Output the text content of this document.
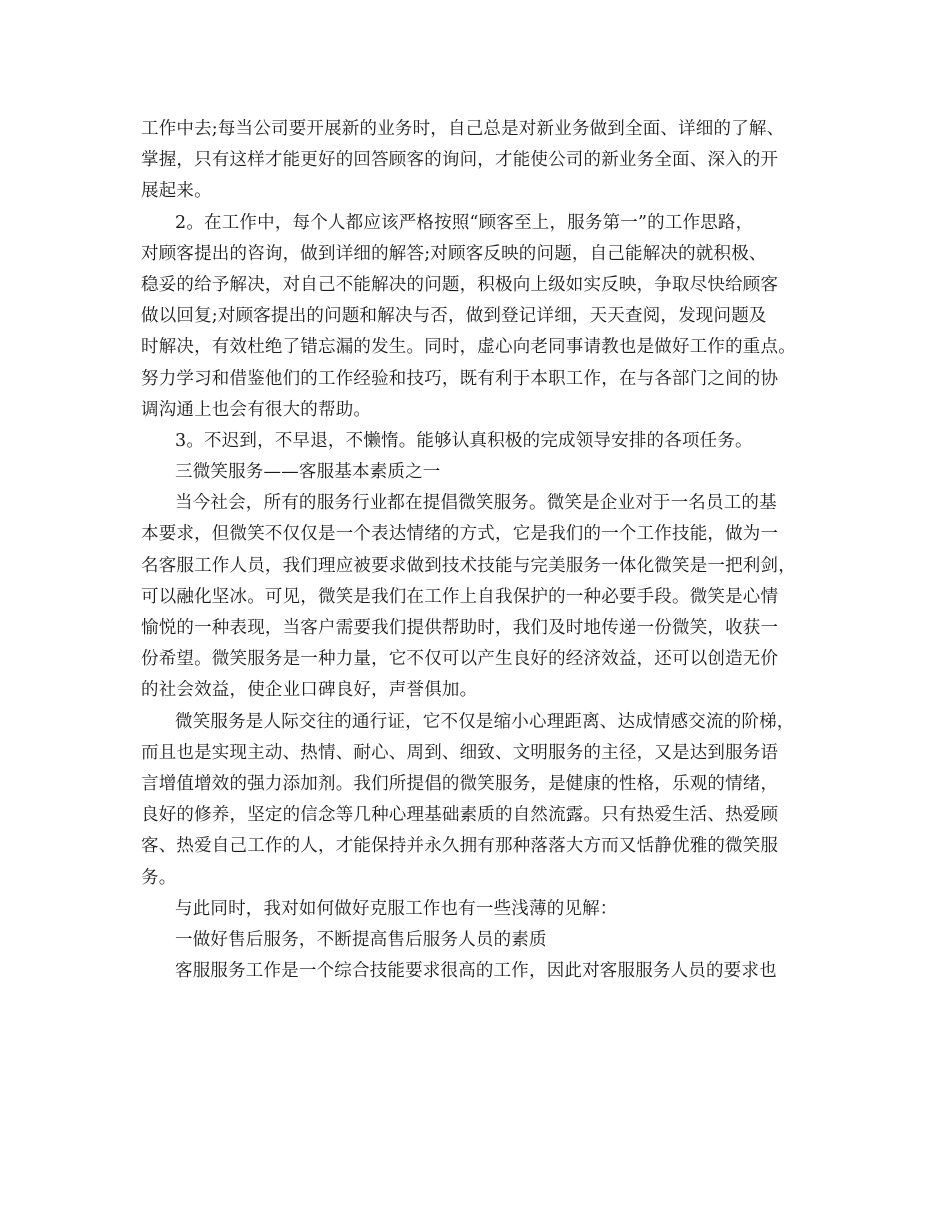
工作中去;每当公司要开展新的业务时，自己总是对新业务做到全面、详细的了解、
掌握，只有这样才能更好的回答顾客的询问，才能使公司的新业务全面、深入的开
展起来。
2。在工作中，每个人都应该严格按照“顾客至上，服务第一”的工作思路，
对顾客提出的咨询，做到详细的解答;对顾客反映的问题，自己能解决的就积极、
稳妥的给予解决，对自己不能解决的问题，积极向上级如实反映，争取尽快给顾客
做以回复;对顾客提出的问题和解决与否，做到登记详细，天天查阅，发现问题及
时解决，有效杜绝了错忘漏的发生。同时，虚心向老同事请教也是做好工作的重点。
努力学习和借鉴他们的工作经验和技巧，既有利于本职工作，在与各部门之间的协
调沟通上也会有很大的帮助。
3。不迟到，不早退，不懒惰。能够认真积极的完成领导安排的各项任务。
三微笑服务——客服基本素质之一
当今社会，所有的服务行业都在提倡微笑服务。微笑是企业对于一名员工的基
本要求，但微笑不仅仅是一个表达情绪的方式，它是我们的一个工作技能，做为一
名客服工作人员，我们理应被要求做到技术技能与完美服务一体化微笑是一把利剑，
可以融化坚冰。可见，微笑是我们在工作上自我保护的一种必要手段。微笑是心情
愉悦的一种表现，当客户需要我们提供帮助时，我们及时地传递一份微笑，收获一
份希望。微笑服务是一种力量，它不仅可以产生良好的经济效益，还可以创造无价
的社会效益，使企业口碑良好，声誉俱加。
微笑服务是人际交往的通行证，它不仅是缩小心理距离、达成情感交流的阶梯，
而且也是实现主动、热情、耐心、周到、细致、文明服务的主径，又是达到服务语
言增值增效的强力添加剂。我们所提倡的微笑服务，是健康的性格，乐观的情绪，
良好的修养，坚定的信念等几种心理基础素质的自然流露。只有热爱生活、热爱顾
客、热爱自己工作的人，才能保持并永久拥有那种落落大方而又恬静优雅的微笑服
务。
与此同时，我对如何做好克服工作也有一些浅薄的见解：
一做好售后服务，不断提高售后服务人员的素质
客服服务工作是一个综合技能要求很高的工作，因此对客服服务人员的要求也
